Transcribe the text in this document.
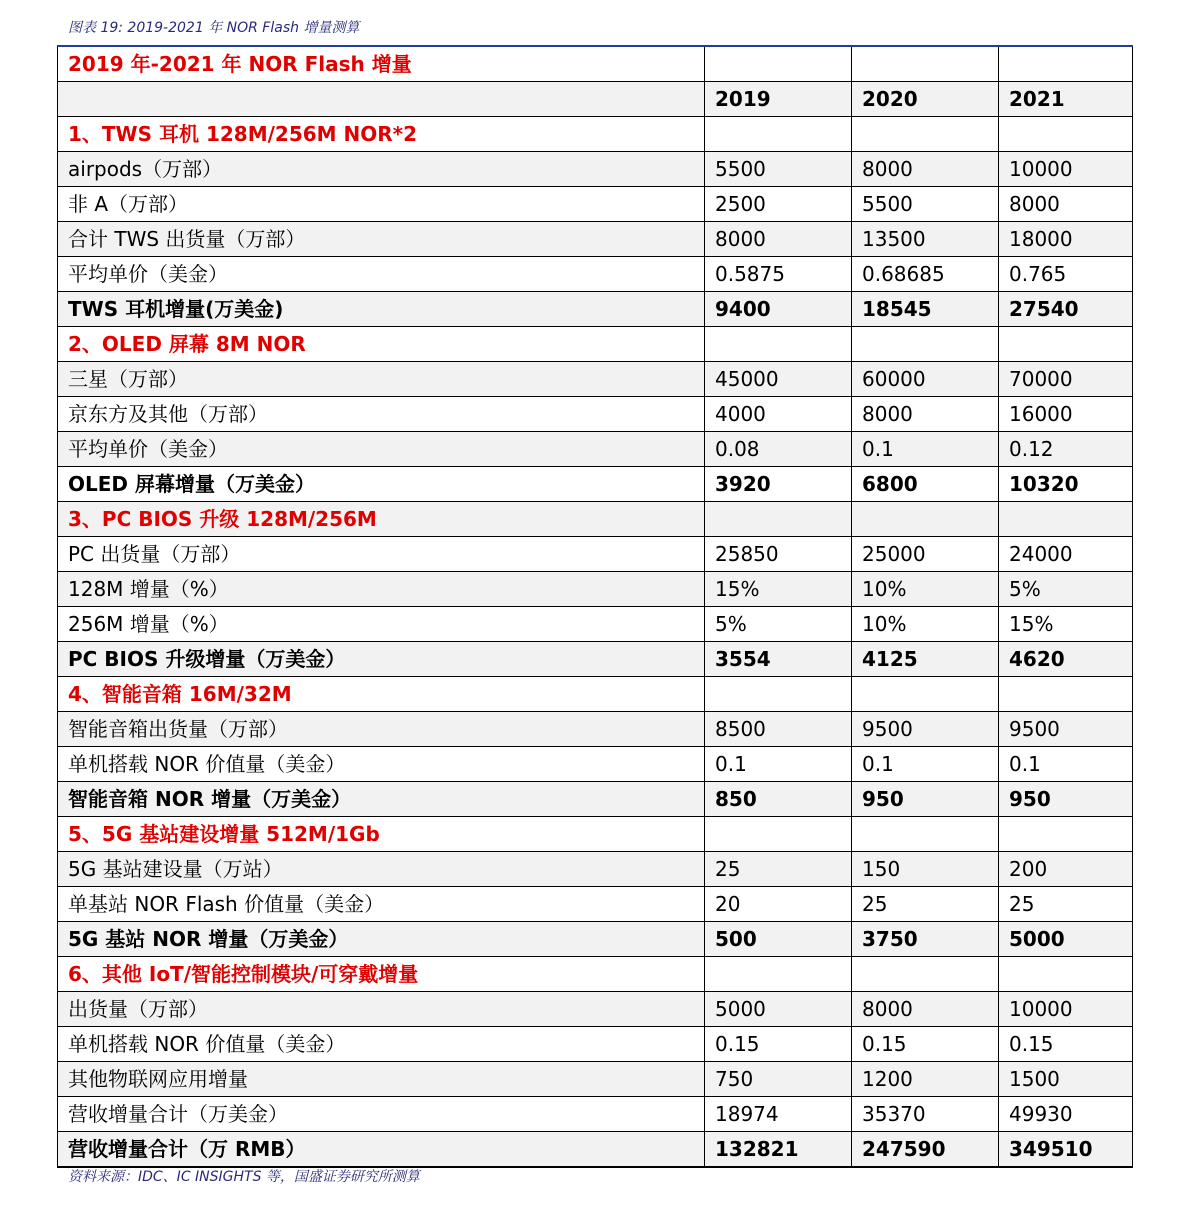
图表 19: 2019-2021 年 NOR Flash 增量测算
2019 年-2021 年 NOR Flash 增量			
	2019	2020	2021
1、TWS 耳机 128M/256M NOR*2			
airpods（万部）	5500	8000	10000
非 A（万部）	2500	5500	8000
合计 TWS 出货量（万部）	8000	13500	18000
平均单价（美金）	0.5875	0.68685	0.765
TWS 耳机增量(万美金)	9400	18545	27540
2、OLED 屏幕 8M NOR			
三星（万部）	45000	60000	70000
京东方及其他（万部）	4000	8000	16000
平均单价（美金）	0.08	0.1	0.12
OLED 屏幕增量（万美金）	3920	6800	10320
3、PC BIOS 升级 128M/256M			
PC 出货量（万部）	25850	25000	24000
128M 增量（%）	15%	10%	5%
256M 增量（%）	5%	10%	15%
PC BIOS 升级增量（万美金）	3554	4125	4620
4、智能音箱 16M/32M			
智能音箱出货量（万部）	8500	9500	9500
单机搭载 NOR 价值量（美金）	0.1	0.1	0.1
智能音箱 NOR 增量（万美金）	850	950	950
5、5G 基站建设增量 512M/1Gb			
5G 基站建设量（万站）	25	150	200
单基站 NOR Flash 价值量（美金）	20	25	25
5G 基站 NOR 增量（万美金）	500	3750	5000
6、其他 IoT/智能控制模块/可穿戴增量			
出货量（万部）	5000	8000	10000
单机搭载 NOR 价值量（美金）	0.15	0.15	0.15
其他物联网应用增量	750	1200	1500
营收增量合计（万美金）	18974	35370	49930
营收增量合计（万 RMB）	132821	247590	349510
资料来源：IDC、IC INSIGHTS 等，国盛证券研究所测算
